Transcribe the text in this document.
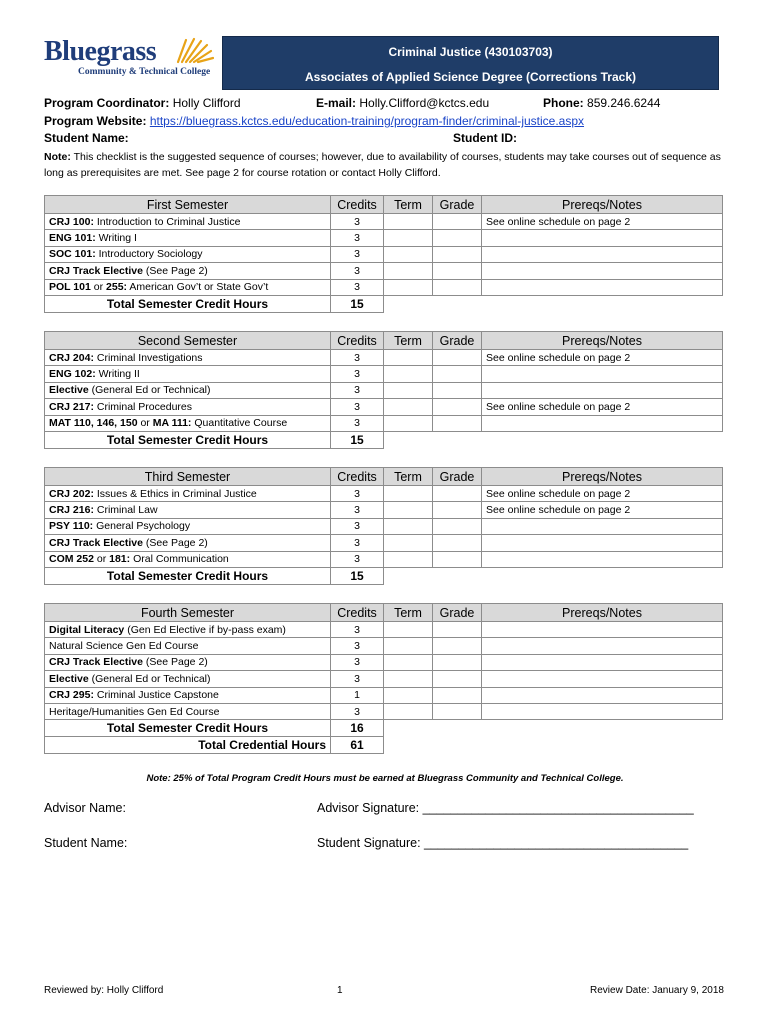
Bluegrass
Community & Technical College
Criminal Justice (430103703)
Associates of Applied Science Degree (Corrections Track)
Program Coordinator: Holly Clifford	E-mail: Holly.Clifford@kctcs.edu	Phone: 859.246.6244
Program Website: https://bluegrass.kctcs.edu/education-training/program-finder/criminal-justice.aspx
Student Name:	Student ID:
Note: This checklist is the suggested sequence of courses; however, due to availability of courses, students may take courses out of sequence as long as prerequisites are met. See page 2 for course rotation or contact Holly Clifford.
First Semester	Credits	Term	Grade	Prereqs/Notes
CRJ 100: Introduction to Criminal Justice	3			See online schedule on page 2
ENG 101: Writing I	3			
SOC 101: Introductory Sociology	3			
CRJ Track Elective (See Page 2)	3			
POL 101 or 255: American Gov’t or State Gov’t	3			
Total Semester Credit Hours	15			
Second Semester	Credits	Term	Grade	Prereqs/Notes
CRJ 204: Criminal Investigations	3			See online schedule on page 2
ENG 102: Writing II	3			
Elective (General Ed or Technical)	3			
CRJ 217: Criminal Procedures	3			See online schedule on page 2
MAT 110, 146, 150 or MA 111: Quantitative Course	3			
Total Semester Credit Hours	15			
Third Semester	Credits	Term	Grade	Prereqs/Notes
CRJ 202: Issues & Ethics in Criminal Justice	3			See online schedule on page 2
CRJ 216: Criminal Law	3			See online schedule on page 2
PSY 110: General Psychology	3			
CRJ Track Elective (See Page 2)	3			
COM 252 or 181: Oral Communication	3			
Total Semester Credit Hours	15			
Fourth Semester	Credits	Term	Grade	Prereqs/Notes
Digital Literacy (Gen Ed Elective if by-pass exam)	3			
Natural Science Gen Ed Course	3			
CRJ Track Elective (See Page 2)	3			
Elective (General Ed or Technical)	3			
CRJ 295: Criminal Justice Capstone	1			
Heritage/Humanities Gen Ed Course	3			
Total Semester Credit Hours	16			
Total Credential Hours	61			
Note: 25% of Total Program Credit Hours must be earned at Bluegrass Community and Technical College.
Advisor Name:	Advisor Signature: _______________________________________
Student Name:	Student Signature: ______________________________________
Reviewed by: Holly Clifford	1	Review Date: January 9, 2018
